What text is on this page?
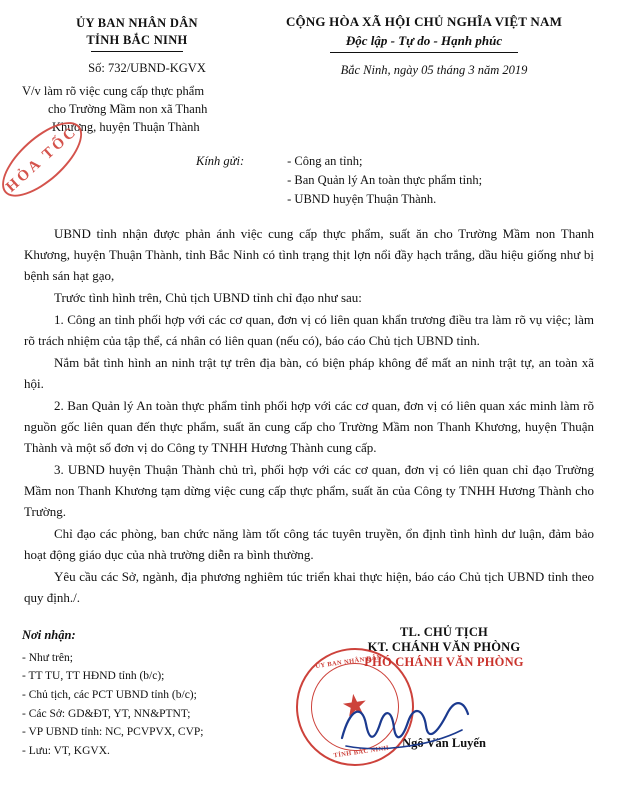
ỦY BAN NHÂN DÂN
TỈNH BẮC NINH
CỘNG HÒA XÃ HỘI CHỦ NGHĨA VIỆT NAM
Độc lập - Tự do - Hạnh phúc
Số: 732/UBND-KGVX
V/v làm rõ việc cung cấp thực phẩm
cho Trường Mầm non xã Thanh
Khương, huyện Thuận Thành
Bắc Ninh, ngày 05 tháng 3 năm 2019
Kính gửi:	- Công an tỉnh;
- Ban Quản lý An toàn thực phẩm tỉnh;
- UBND huyện Thuận Thành.

UBND tỉnh nhận được phản ánh việc cung cấp thực phẩm, suất ăn cho Trường Mầm non Thanh Khương, huyện Thuận Thành, tỉnh Bắc Ninh có tình trạng thịt lợn nổi đầy hạch trắng, dầu hiệu giống như bị bệnh sán hạt gạo,

Trước tình hình trên, Chủ tịch UBND tỉnh chỉ đạo như sau:

1. Công an tỉnh phối hợp với các cơ quan, đơn vị có liên quan khẩn trương điều tra làm rõ vụ việc; làm rõ trách nhiệm của tập thể, cá nhân có liên quan (nếu có), báo cáo Chủ tịch UBND tỉnh.

Nắm bắt tình hình an ninh trật tự trên địa bàn, có biện pháp không để mất an ninh trật tự, an toàn xã hội.

2. Ban Quản lý An toàn thực phẩm tỉnh phối hợp với các cơ quan, đơn vị có liên quan xác minh làm rõ nguồn gốc liên quan đến thực phẩm, suất ăn cung cấp cho Trường Mầm non Thanh Khương, huyện Thuận Thành và một số đơn vị do Công ty TNHH Hương Thành cung cấp.

3. UBND huyện Thuận Thành chủ trì, phối hợp với các cơ quan, đơn vị có liên quan chỉ đạo Trường Mầm non Thanh Khương tạm dừng việc cung cấp thực phẩm, suất ăn của Công ty TNHH Hương Thành cho Trường.

Chỉ đạo các phòng, ban chức năng làm tốt công tác tuyên truyền, ổn định tình hình dư luận, đảm bảo hoạt động giáo dục của nhà trường diễn ra bình thường.

Yêu cầu các Sở, ngành, địa phương nghiêm túc triển khai thực hiện, báo cáo Chủ tịch UBND tỉnh theo quy định./.

Nơi nhận:
- Như trên;
- TT TU, TT HĐND tỉnh (b/c);
- Chủ tịch, các PCT UBND tỉnh (b/c);
- Các Sở: GD&ĐT, YT, NN&PTNT;
- VP UBND tỉnh: NC, PCVPVX, CVP;
- Lưu: VT, KGVX.
TL. CHỦ TỊCH
KT. CHÁNH VĂN PHÒNG
PHÓ CHÁNH VĂN PHÒNG
Ngô Văn Luyến
HỎA TỐC
ỦY BAN NHÂN DÂN
★
TỈNH BẮC NINH
